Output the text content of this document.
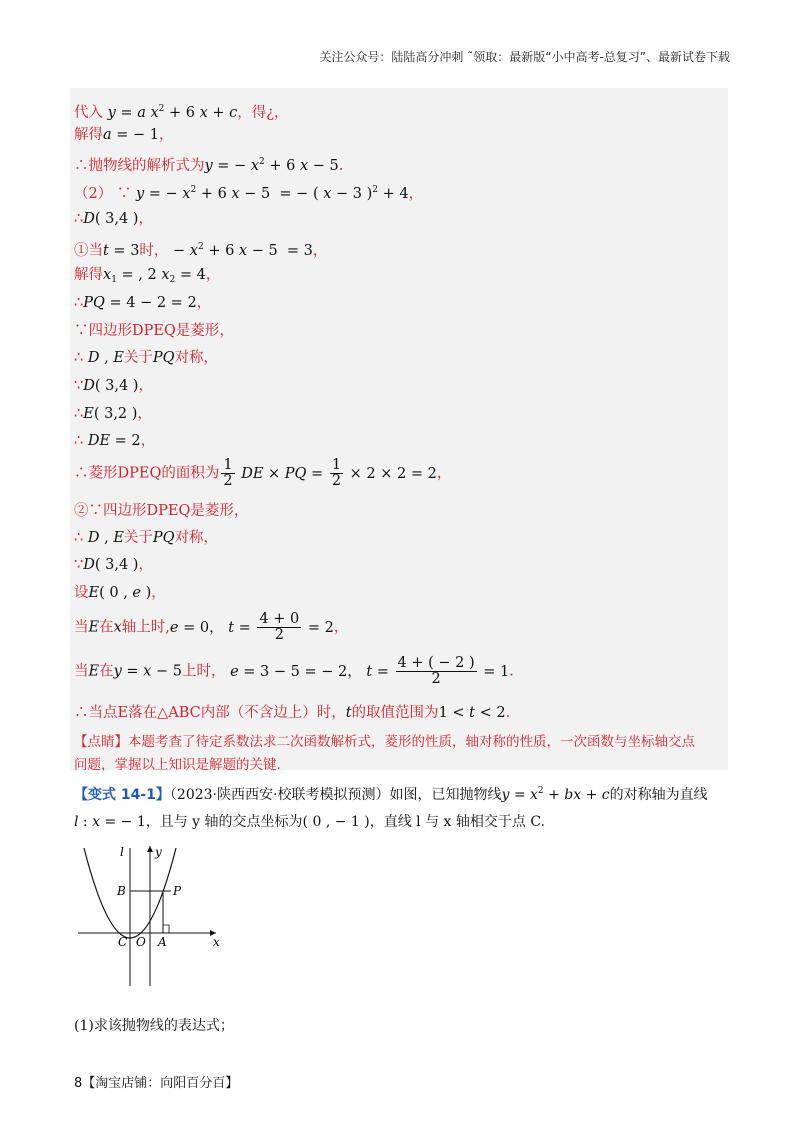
关注公众号：陆陆高分冲刺 ˜领取：最新版“小中高考-总复习”、最新试卷下载
代入 y = a $x^2 + 6$ x + c，得¿，
解得a = − 1，
∴抛物线的解析式为y = − $x^2 + 6$ x − 5.
（2） ∵ y = − $x^2 + 6$ x − 5  = − ( x − 3 )$^2$ + 4，
∴D( 3,4 )，
①当t = 3时， − $x^2 + 6$ x − 5  = 3，
解得$x_1$ = , 2 $x_2 = 4$，
∴PQ = 4 − 2 = 2，
∵四边形DPEQ是菱形，
∴ D , E关于PQ对称，
∵D( 3,4 )，
∴E( 3,2 )，
∴ DE = 2，
∴菱形DPEQ的面积为 $\frac{1}{2}$ DE × PQ = $\frac{1}{2} \times 2 \times 2 = 2$，
②∵四边形DPEQ是菱形，
∴ D , E关于PQ对称，
∵D( 3,4 )，
设E( 0 , e )，
当E在x轴上时,e = 0， $t = \frac{4 + 0}{2} = 2$，
当E在y = x − 5上时， e = 3 − 5 = − 2， $t = \frac{4 + ( - 2 )}{2} = 1$.
∴当点E落在△ABC内部（不含边上）时，t的取值范围为1 < t < 2.
【点睛】本题考查了待定系数法求二次函数解析式，菱形的性质，轴对称的性质，一次函数与坐标轴交点
问题，掌握以上知识是解题的关键.
【变式 14-1】（2023·陕西西安·校联考模拟预测）如图，已知抛物线$y = x^2$ + bx + c的对称轴为直线
l : x = − 1，且与 y 轴的交点坐标为( 0 , − 1 )，直线 l 与 x 轴相交于点 C.
l	y
x
B	P
C O A
(1)求该抛物线的表达式；
8【淘宝店铺：向阳百分百】
